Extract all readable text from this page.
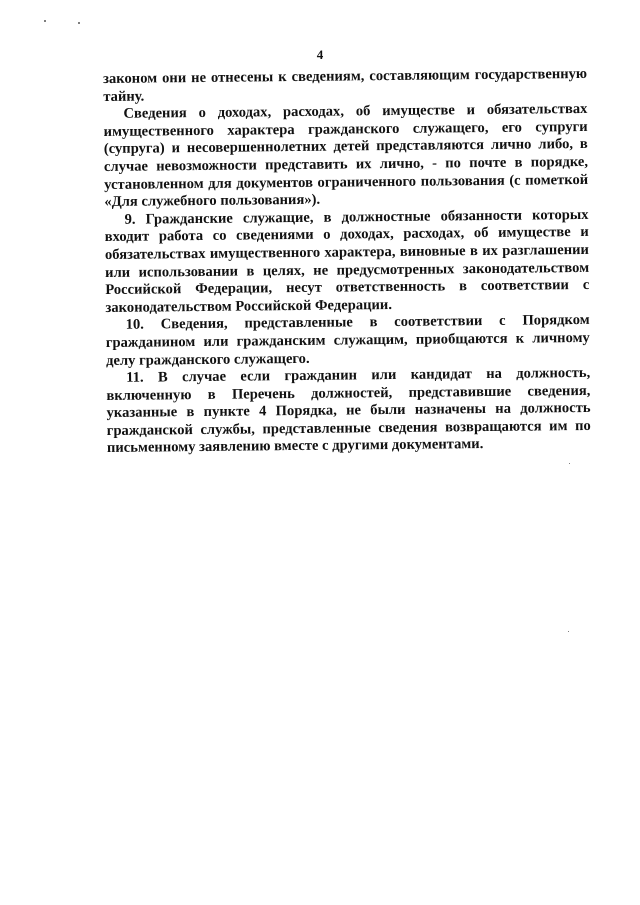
4

законом они не отнесены к сведениям, составляющим государственную тайну.

Сведения о доходах, расходах, об имуществе и обязательствах имущественного характера гражданского служащего, его супруги (супруга) и несовершеннолетних детей представляются лично либо, в случае невозможности представить их лично, - по почте в порядке, установленном для документов ограниченного пользования (с пометкой «Для служебного пользования»).

9. Гражданские служащие, в должностные обязанности которых входит работа со сведениями о доходах, расходах, об имуществе и обязательствах имущественного характера, виновные в их разглашении или использовании в целях, не предусмотренных законодательством Российской Федерации, несут ответственность в соответствии с законодательством Российской Федерации.

10. Сведения, представленные в соответствии с Порядком гражданином или гражданским служащим, приобщаются к личному делу гражданского служащего.

11. В случае если гражданин или кандидат на должность, включенную в Перечень должностей, представившие сведения, указанные в пункте 4 Порядка, не были назначены на должность гражданской службы, представленные сведения возвращаются им по письменному заявлению вместе с другими документами.
